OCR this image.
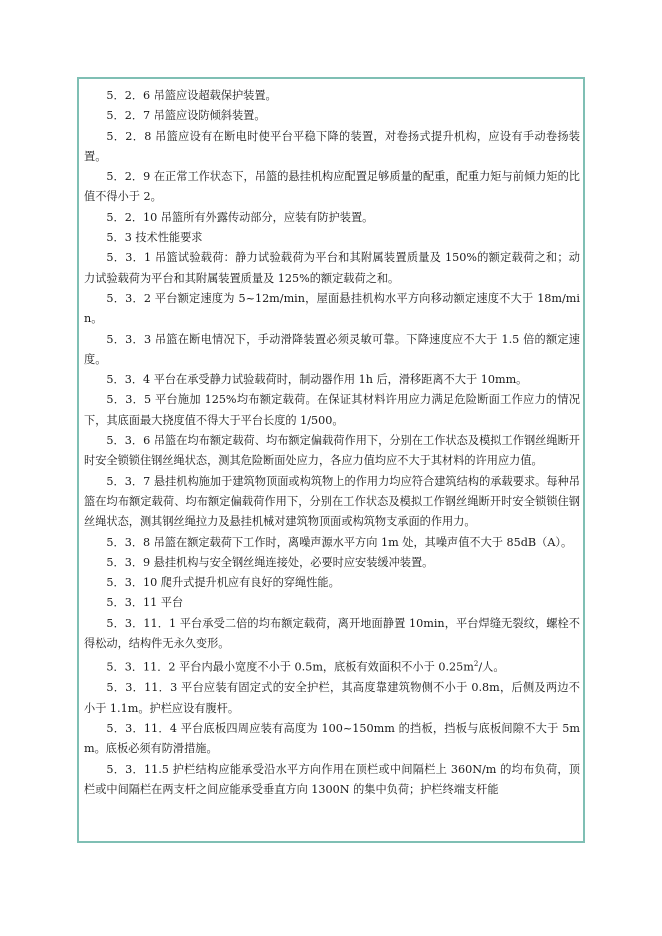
5．2．6 吊篮应设超载保护装置。

5．2．7 吊篮应设防倾斜装置。

5．2．8 吊篮应设有在断电时使平台平稳下降的装置，对卷扬式提升机构，应设有手动卷扬装置。

5．2．9 在正常工作状态下，吊篮的悬挂机构应配置足够质量的配重，配重力矩与前倾力矩的比值不得小于 2。

5．2．10 吊篮所有外露传动部分，应装有防护装置。

5．3 技术性能要求

5．3．1 吊篮试验载荷：静力试验载荷为平台和其附属装置质量及 150%的额定载荷之和；动力试验载荷为平台和其附属装置质量及 125%的额定载荷之和。

5．3．2 平台额定速度为 5~12m/min，屋面悬挂机构水平方向移动额定速度不大于 18m/min。

5．3．3 吊篮在断电情况下，手动滑降装置必须灵敏可靠。下降速度应不大于 1.5 倍的额定速度。

5．3．4 平台在承受静力试验载荷时，制动器作用 1h 后，滑移距离不大于 10mm。

5．3．5 平台施加 125%均布额定载荷。在保证其材料许用应力满足危险断面工作应力的情况下，其底面最大挠度值不得大于平台长度的 1/500。

5．3．6 吊篮在均布额定载荷、均布额定偏载荷作用下，分别在工作状态及模拟工作钢丝绳断开时安全锁锁住钢丝绳状态，测其危险断面处应力，各应力值均应不大于其材料的许用应力值。

5．3．7 悬挂机构施加于建筑物顶面或构筑物上的作用力均应符合建筑结构的承载要求。每种吊篮在均布额定载荷、均布额定偏载荷作用下，分别在工作状态及模拟工作钢丝绳断开时安全锁锁住钢丝绳状态，测其钢丝绳拉力及悬挂机械对建筑物顶面或构筑物支承面的作用力。

5．3．8 吊篮在额定载荷下工作时，离噪声源水平方向 1m 处，其噪声值不大于 85dB（A）。

5．3．9 悬挂机构与安全钢丝绳连接处，必要时应安装缓冲装置。

5．3．10 爬升式提升机应有良好的穿绳性能。

5．3．11 平台

5．3．11．1 平台承受二倍的均布额定载荷，离开地面静置 10min，平台焊缝无裂纹，螺栓不得松动，结构件无永久变形。

5．3．11．2 平台内最小宽度不小于 0.5m，底板有效面积不小于 $0.25m^2/$人。

5．3．11．3 平台应装有固定式的安全护栏，其高度靠建筑物侧不小于 0.8m，后侧及两边不小于 1.1m。护栏应设有腹杆。

5．3．11．4 平台底板四周应装有高度为 100~150mm 的挡板，挡板与底板间隙不大于 5mm。底板必须有防滑措施。

5．3．11.5 护栏结构应能承受沿水平方向作用在顶栏或中间隔栏上 360N/m 的均布负荷，顶栏或中间隔栏在两支杆之间应能承受垂直方向 1300N 的集中负荷；护栏终端支杆能
